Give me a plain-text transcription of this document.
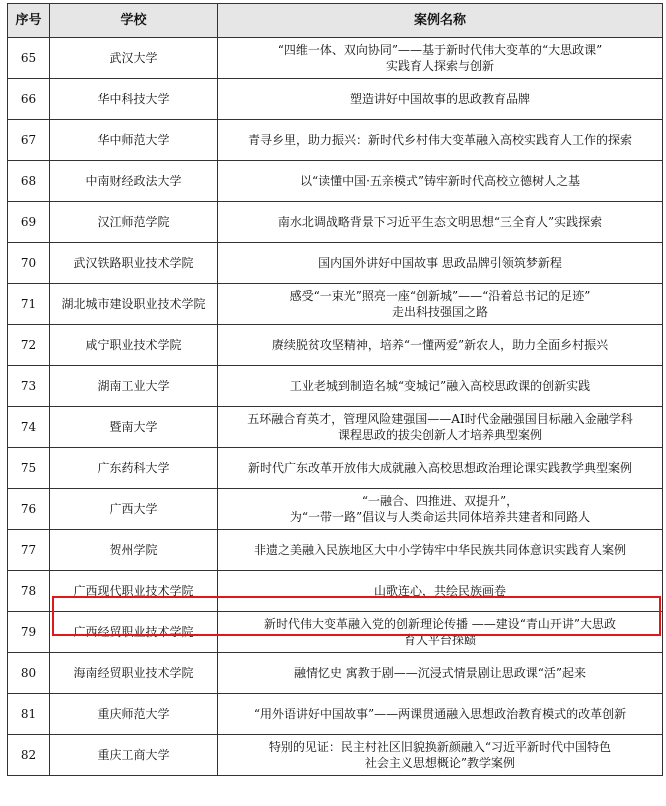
序号	学校	案例名称
65	武汉大学	“四维一体、双向协同”——基于新时代伟大变革的“大思政课”
实践育人探索与创新
66	华中科技大学	塑造讲好中国故事的思政教育品牌
67	华中师范大学	青寻乡里，助力振兴：新时代乡村伟大变革融入高校实践育人工作的探索
68	中南财经政法大学	以“读懂中国·五亲模式”铸牢新时代高校立德树人之基
69	汉江师范学院	南水北调战略背景下习近平生态文明思想“三全育人”实践探索
70	武汉铁路职业技术学院	国内国外讲好中国故事 思政品牌引领筑梦新程
71	湖北城市建设职业技术学院	感受“一束光”照亮一座“创新城”——“沿着总书记的足迹”
走出科技强国之路
72	咸宁职业技术学院	赓续脱贫攻坚精神，培养“一懂两爱”新农人，助力全面乡村振兴
73	湖南工业大学	工业老城到制造名城“变城记”融入高校思政课的创新实践
74	暨南大学	五环融合育英才，管理风险建强国——AI时代金融强国目标融入金融学科
课程思政的拔尖创新人才培养典型案例
75	广东药科大学	新时代广东改革开放伟大成就融入高校思想政治理论课实践教学典型案例
76	广西大学	“一融合、四推进、双提升”，
为“一带一路”倡议与人类命运共同体培养共建者和同路人
77	贺州学院	非遗之美融入民族地区大中小学铸牢中华民族共同体意识实践育人案例
78	广西现代职业技术学院	山歌连心，共绘民族画卷
79	广西经贸职业技术学院	新时代伟大变革融入党的创新理论传播 ——建设“青山开讲”大思政
育人平台探赜
80	海南经贸职业技术学院	融情忆史 寓教于剧——沉浸式情景剧让思政课“活”起来
81	重庆师范大学	“用外语讲好中国故事”——两课贯通融入思想政治教育模式的改革创新
82	重庆工商大学	特别的见证：民主村社区旧貌换新颜融入“习近平新时代中国特色
社会主义思想概论”教学案例
